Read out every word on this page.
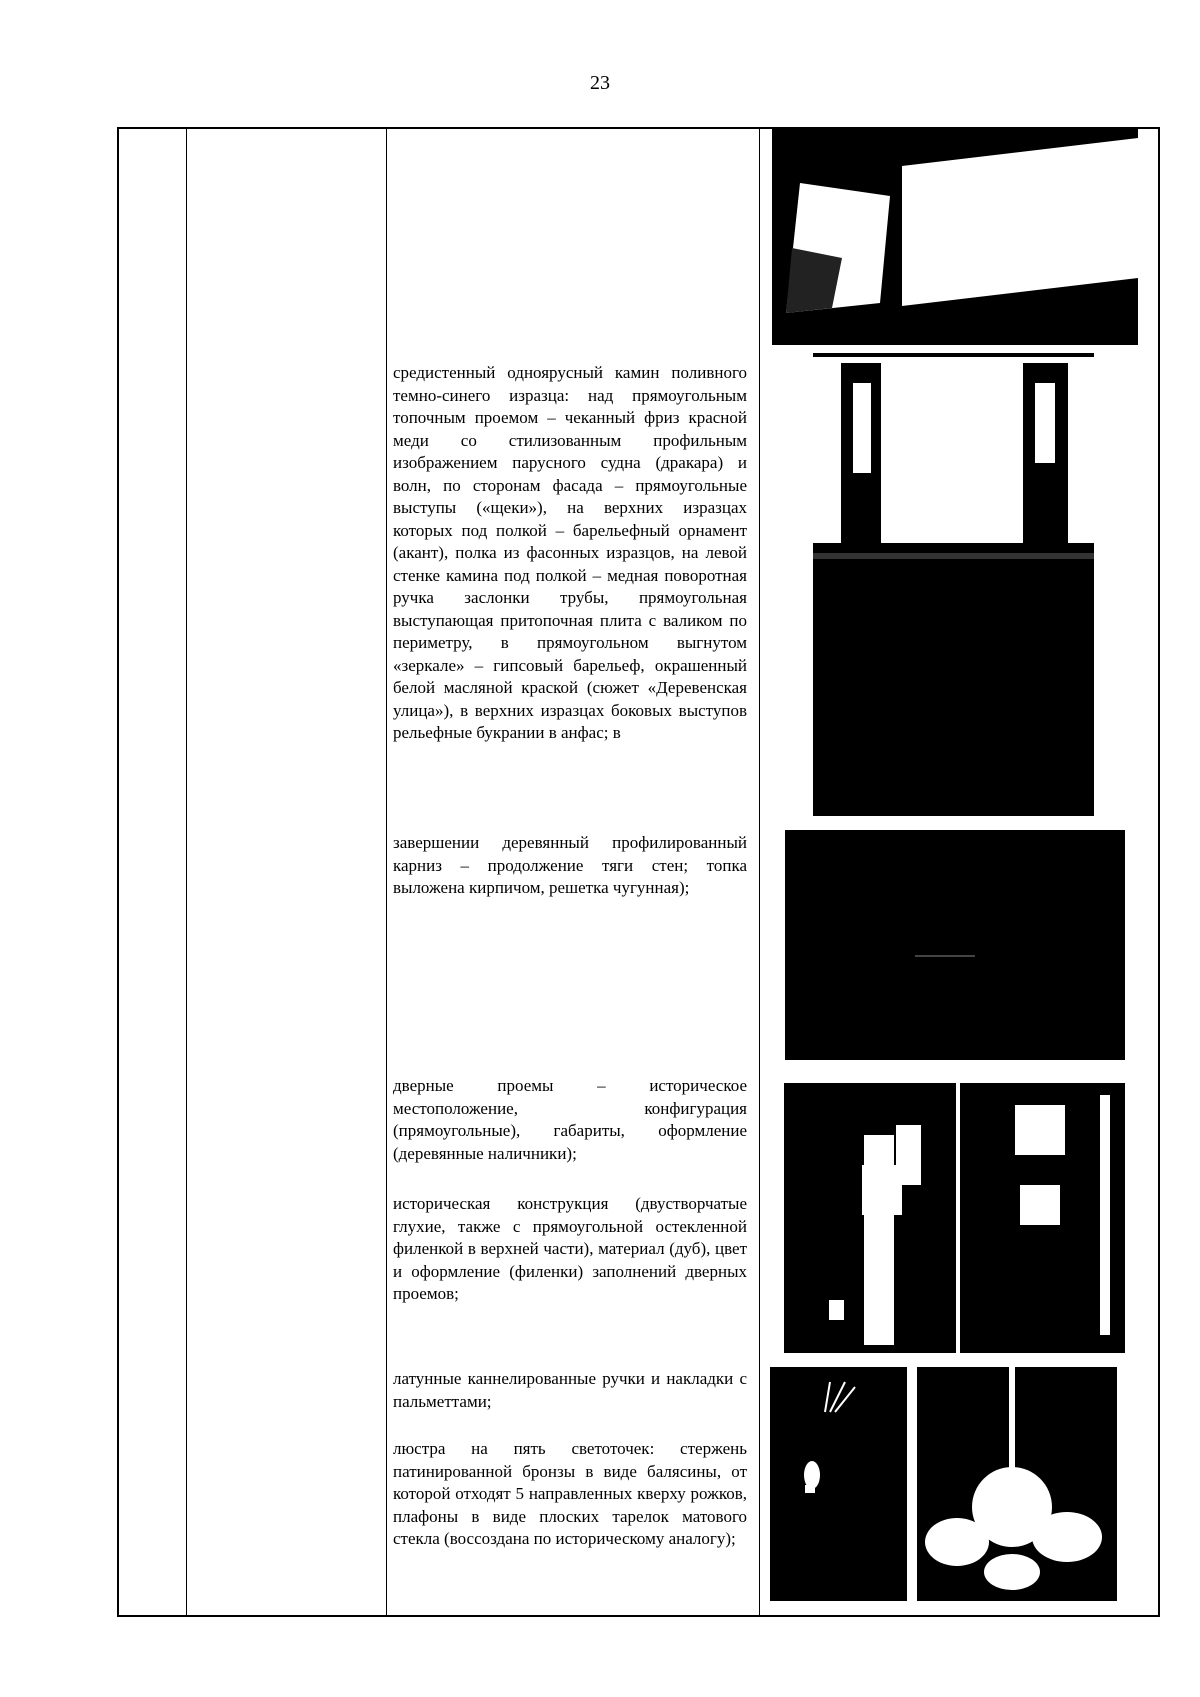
23

средистенный одноярусный камин поливного темно-синего изразца: над прямоугольным топочным проемом – чеканный фриз красной меди со стилизованным профильным изображением парусного судна (дракара) и волн, по сторонам фасада – прямоугольные выступы («щеки»), на верхних изразцах которых под полкой – барельефный орнамент (акант), полка из фасонных изразцов, на левой стенке камина под полкой – медная поворотная ручка заслонки трубы, прямоугольная выступающая притопочная плита с валиком по периметру, в прямоугольном выгнутом «зеркале» – гипсовый барельеф, окрашенный белой масляной краской (сюжет «Деревенская улица»), в верхних изразцах боковых выступов рельефные букрании в анфас; в

завершении деревянный профилированный карниз – продолжение тяги стен; топка выложена кирпичом, решетка чугунная);

дверные проемы – историческое местоположение, конфигурация (прямоугольные), габариты, оформление (деревянные наличники);

историческая конструкция (двустворчатые глухие, также с прямоугольной остекленной филенкой в верхней части), материал (дуб), цвет и оформление (филенки) заполнений дверных проемов;

латунные каннелированные ручки и накладки с пальметтами;

люстра на пять светоточек: стержень патинированной бронзы в виде балясины, от которой отходят 5 направленных кверху рожков, плафоны в виде плоских тарелок матового стекла (воссоздана по историческому аналогу);
